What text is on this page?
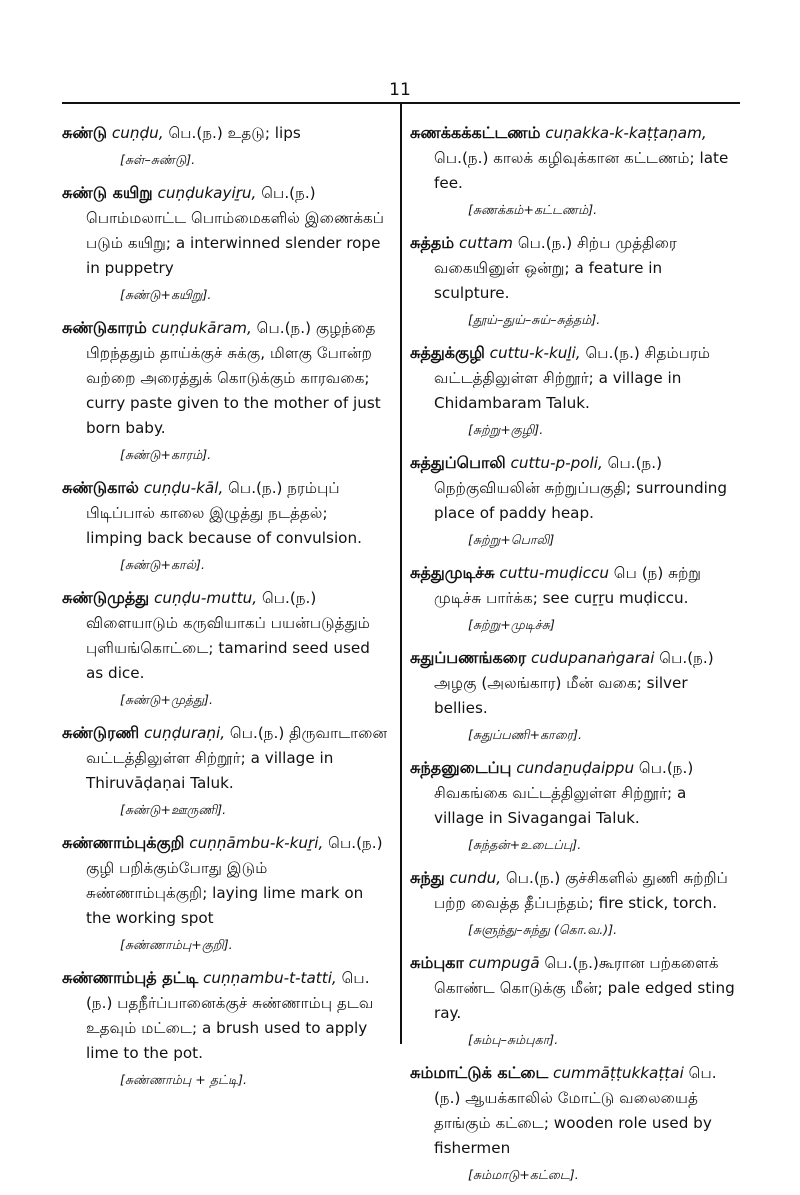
11

சுண்டு cuṇḍu, பெ.(ந.) உதடு; lips

[சுள்–சுண்டு].

சுண்டு கயிறு cuṇḍukayiṟu, பெ.(ந.) பொம்மலாட்ட பொம்மைகளில் இணைக்கப் படும் கயிறு; a interwinned slender rope in puppetry

[சுண்டு+கயிறு].

சுண்டுகாரம் cuṇḍukāram, பெ.(ந.) குழந்தை பிறந்ததும் தாய்க்குச் சுக்கு, மிளகு போன்ற வற்றை அரைத்துக் கொடுக்கும் காரவகை; curry paste given to the mother of just born baby.

[சுண்டு+காரம்].

சுண்டுகால் cuṇḍu-kāl, பெ.(ந.) நரம்புப் பிடிப்பால் காலை இழுத்து நடத்தல்; limping back because of convulsion.

[சுண்டு+கால்].

சுண்டுமுத்து cuṇḍu-muttu, பெ.(ந.) விளையாடும் கருவியாகப் பயன்படுத்தும் புளியங்கொட்டை; tamarind seed used as dice.

[சுண்டு+முத்து].

சுண்டுரணி cuṇḍuraṇi, பெ.(ந.) திருவாடானை வட்டத்திலுள்ள சிற்றூர்; a village in Thiruvāḍaṇai Taluk.

[சுண்டு+ஊருணி].

சுண்ணாம்புக்குறி cuṇṇāmbu-k-kuṟi, பெ.(ந.) குழி பறிக்கும்போது இடும் சுண்ணாம்புக்குறி; laying lime mark on the working spot

[சுண்ணாம்பு+குறி].

சுண்ணாம்புத் தட்டி cuṇṇambu-t-tatti, பெ.(ந.) பதநீர்ப்பானைக்குச் சுண்ணாம்பு தடவ உதவும் மட்டை; a brush used to apply lime to the pot.

[சுண்ணாம்பு + தட்டி].

சுணக்கக்கட்டணம் cuṇakka-k-kaṭṭaṇam, பெ.(ந.) காலக் கழிவுக்கான கட்டணம்; late fee.

[சுணக்கம்+கட்டணம்].

சுத்தம் cuttam பெ.(ந.) சிற்ப முத்திரை வகையினுள் ஒன்று; a feature in sculpture.

[தூய்–துய்–சுய்–சுத்தம்].

சுத்துக்குழி cuttu-k-kuḻi, பெ.(ந.) சிதம்பரம் வட்டத்திலுள்ள சிற்றூர்; a village in Chidambaram Taluk.

[சுற்று+குழி].

சுத்துப்பொலி cuttu-p-poli, பெ.(ந.) நெற்குவியலின் சுற்றுப்பகுதி; surrounding place of paddy heap.

[சுற்று+பொலி]

சுத்துமுடிச்சு cuttu-muḍiccu பெ (ந) சுற்று முடிச்சு பார்க்க; see cuṟṟu muḍiccu.

[சுற்று+முடிச்சு]

சுதுப்பணங்கரை cudupanaṅgarai பெ.(ந.) அழகு (அலங்கார) மீன் வகை; silver bellies.

[சுதுப்பணி+காரை].

சுந்தனுடைப்பு cundaṉuḍaippu பெ.(ந.) சிவகங்கை வட்டத்திலுள்ள சிற்றூர்; a village in Sivagangai Taluk.

[சுந்தன்+உடைப்பு].

சுந்து cundu, பெ.(ந.) குச்சிகளில் துணி சுற்றிப் பற்ற வைத்த தீப்பந்தம்; fire stick, torch.

[சுளுந்து–சுந்து (கொ.வ.)].

சும்புகா cumpugā பெ.(ந.)கூரான பற்களைக் கொண்ட கொடுக்கு மீன்; pale edged sting ray.

[சும்பு–சும்புகா].

சும்மாட்டுக் கட்டை cummāṭṭukkaṭṭai பெ.(ந.) ஆயக்காலில் மோட்டு வலையைத் தாங்கும் கட்டை; wooden role used by fishermen

[சும்மாடு+கட்டை].
